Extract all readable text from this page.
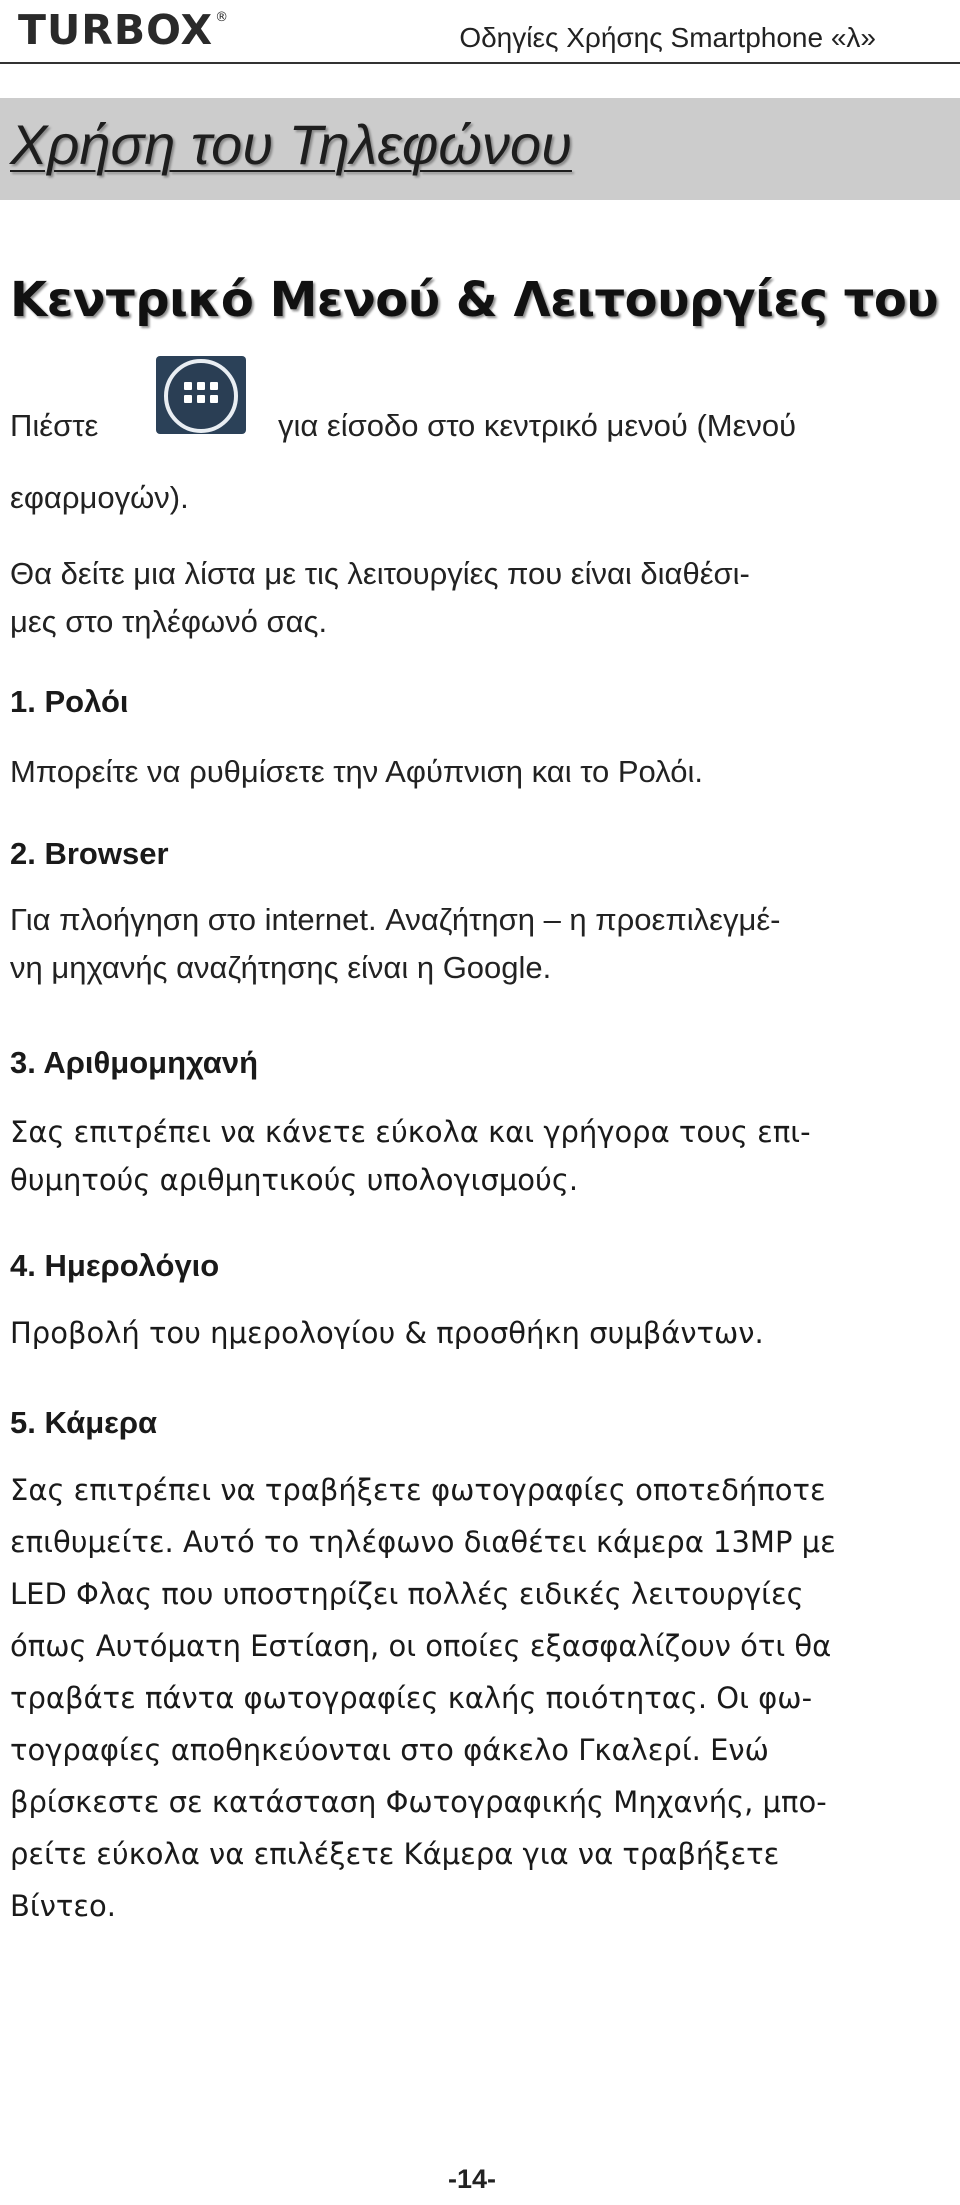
TURBOX ®
Οδηγίες Χρήσης Smartphone «λ»
Χρήση του Τηλεφώνου
Κεντρικό Μενού & Λειτουργίες του
Πιέστε	για είσοδο στο κεντρικό μενού (Μενού
εφαρμογών).
Θα δείτε μια λίστα με τις λειτουργίες που είναι διαθέσι-
μες στο τηλέφωνό σας.
1. Ρολόι
Μπορείτε να ρυθμίσετε την Αφύπνιση και το Ρολόι.
2. Browser
Για πλοήγηση στο internet. Αναζήτηση – η προεπιλεγμέ-
νη μηχανής αναζήτησης είναι η Google.
3. Αριθμομηχανή
Σας επιτρέπει να κάνετε εύκολα και γρήγορα τους επι-
θυμητούς αριθμητικούς υπολογισμούς.
4. Ημερολόγιο
Προβολή του ημερολογίου & προσθήκη συμβάντων.
5. Κάμερα
Σας επιτρέπει να τραβήξετε φωτογραφίες οποτεδήποτε
επιθυμείτε. Αυτό το τηλέφωνο διαθέτει κάμερα 13MP με
LED Φλας που υποστηρίζει πολλές ειδικές λειτουργίες
όπως Αυτόματη Εστίαση, οι οποίες εξασφαλίζουν ότι θα
τραβάτε πάντα φωτογραφίες καλής ποιότητας. Οι φω-
τογραφίες αποθηκεύονται στο φάκελο Γκαλερί. Ενώ
βρίσκεστε σε κατάσταση Φωτογραφικής Μηχανής, μπο-
ρείτε εύκολα να επιλέξετε Κάμερα για να τραβήξετε
Βίντεο.
-14-
